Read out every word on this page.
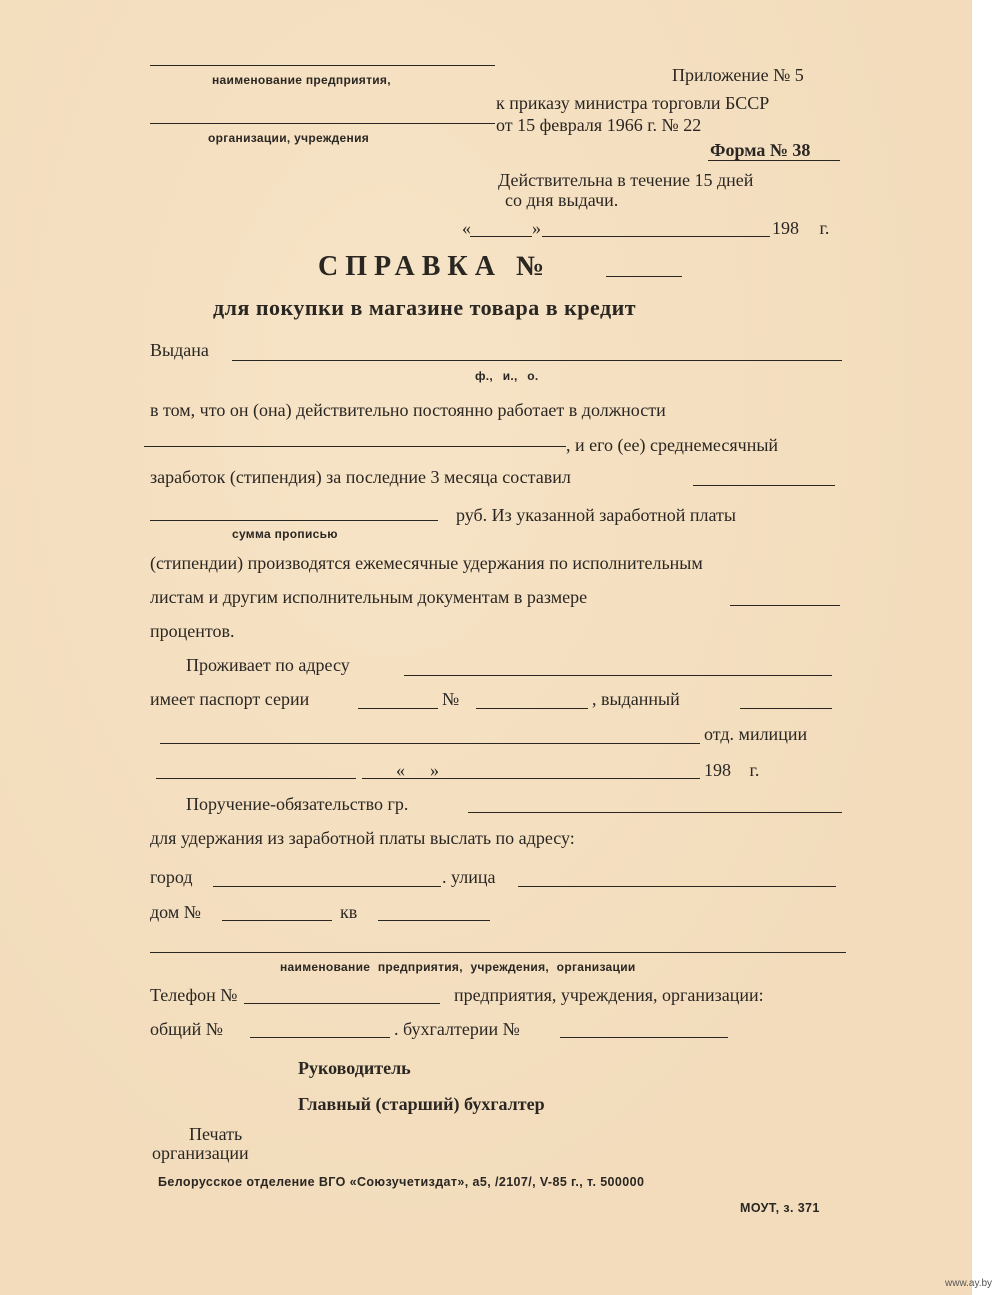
наименование предприятия,
организации, учреждения
Приложение № 5
к приказу министра торговли БССР
от 15 февраля 1966 г. № 22
Форма № 38
Действительна в течение 15 дней
со дня выдачи.
«	»	198 г.
СПРАВКА №
для покупки в магазине товара в кредит
Выдана
ф., и., о.
в том, что он (она) действительно постоянно работает в должности
, и его (ее) среднемесячный
заработок (стипендия) за последние 3 месяца составил
сумма прописью
руб. Из указанной заработной платы
(стипендии) производятся ежемесячные удержания по исполнительным
листам и другим исполнительным документам в размере
процентов.
Проживает по адресу
имеет паспорт серии	№	, выданный
отд. милиции
« »	198 г.
Поручение-обязательство гр.
для удержания из заработной платы выслать по адресу:
город	. улица
дом №	кв
наименование предприятия, учреждения, организации
Телефон №	предприятия, учреждения, организации:
общий №	. бухгалтерии №
Руководитель
Главный (старший) бухгалтер
Печать
организации
Белорусское отделение ВГО «Союзучетиздат», а5, /2107/, V-85 г., т. 500000
МОУТ, з. 371
www.ay.by
